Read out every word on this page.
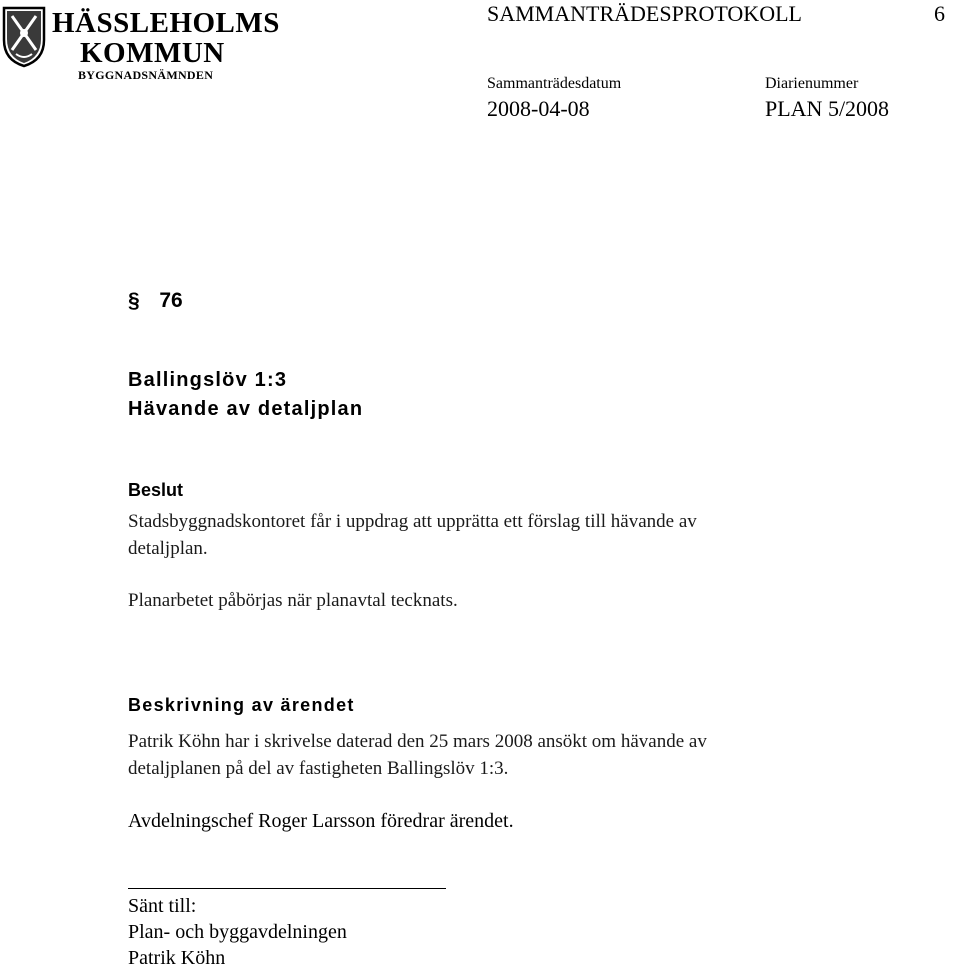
HÄSSLEHOLMS
KOMMUN
BYGGNADSNÄMNDEN
SAMMANTRÄDESPROTOKOLL	6
Sammanträdesdatum
2008-04-08
Diarienummer
PLAN 5/2008
§ 76
Ballingslöv 1:3
Hävande av detaljplan
Beslut
Stadsbyggnadskontoret får i uppdrag att upprätta ett förslag till hävande av
detaljplan.
Planarbetet påbörjas när planavtal tecknats.
Beskrivning av ärendet
Patrik Köhn har i skrivelse daterad den 25 mars 2008 ansökt om hävande av
detaljplanen på del av fastigheten Ballingslöv 1:3.
Avdelningschef Roger Larsson föredrar ärendet.
Sänt till:
Plan- och byggavdelningen
Patrik Köhn
